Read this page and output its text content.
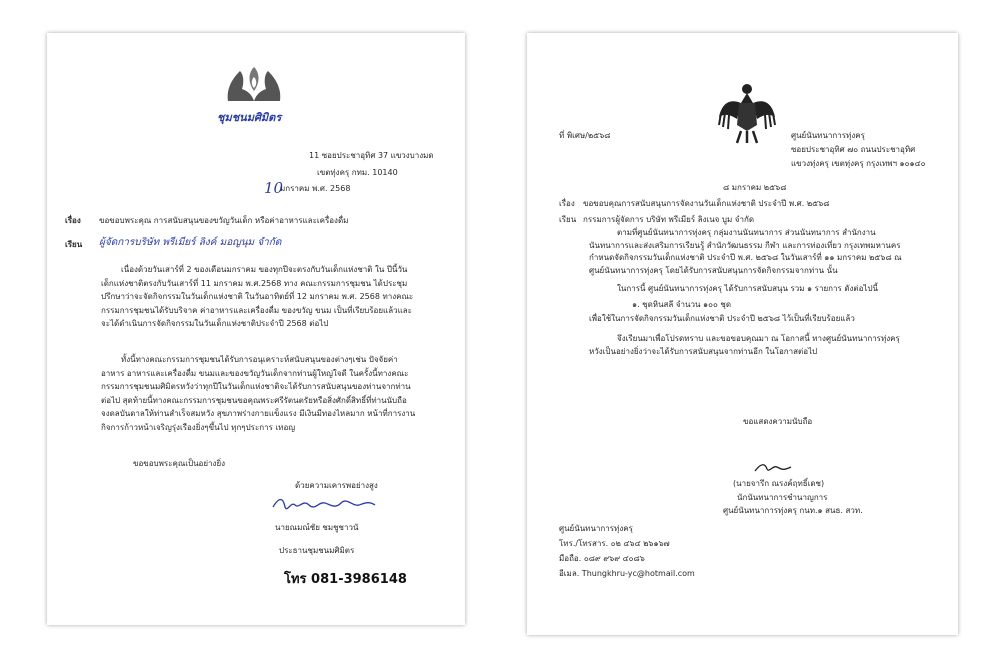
ชุมชนมศิมิตร
11 ซอยประชาอุทิศ 37 แขวงบางมด
เขตทุ่งครุ กทม. 10140
10
มกราคม พ.ศ. 2568
เรื่อง ขอขอบพระคุณ การสนับสนุนของขวัญวันเด็ก หรือค่าอาหารและเครื่องดื่ม
เรียน ผู้จัดการบริษัท พรีเมียร์ ลิงค์ มอญนุม จำกัด
เนื่องด้วยวันเสาร์ที่ 2 ของเดือนมกราคม ของทุกปีจะตรงกับวันเด็กแห่งชาติ ใน ปีนี้วันเด็กแห่งชาติตรงกับวันเสาร์ที่ 11 มกราคม พ.ศ.2568 ทาง คณะกรรมการชุมชน ได้ประชุมปรึกษาว่าจะจัดกิจกรรมในวันเด็กแห่งชาติ ในวันอาทิตย์ที่ 12 มกราคม พ.ศ. 2568 ทางคณะกรรมการชุมชนได้รับบริจาค ค่าอาหารและเครื่องดื่ม ของขวัญ ขนม เป็นที่เรียบร้อยแล้วและจะได้ดำเนินการจัดกิจกรรมในวันเด็กแห่งชาติประจำปี 2568 ต่อไป
ทั้งนี้ทางคณะกรรมการชุมชนได้รับการอนุเคราะห์สนับสนุนของต่างๆเช่น ปัจจัยค่าอาหาร อาหารและเครื่องดื่ม ขนมและของขวัญวันเด็กจากท่านผู้ใหญ่ใจดี ในครั้งนี้ทางคณะกรรมการชุมชนมศิมิตรหวังว่าทุกปีในวันเด็กแห่งชาติจะได้รับการสนับสนุนของท่านจากท่านต่อไป สุดท้ายนี้ทางคณะกรรมการชุมชนขอคุณพระศรีรัตนตรัยหรือสิ่งศักดิ์สิทธิ์ที่ท่านนับถือ จงดลบันดาลให้ท่านสำเร็จสมหวัง สุขภาพร่างกายแข็งแรง มีเงินมีทองไหลมาก หน้าที่การงานกิจการก้าวหน้าเจริญรุ่งเรืองยิ่งๆขึ้นไป ทุกๆประการ เทอญ
ขอขอบพระคุณเป็นอย่างยิ่ง
ด้วยความเคารพอย่างสูง
นายณมณ์ชัย ชมชูชาวนั
ประธานชุมชนมศิมิตร
โทร 081-3986148
ที่ พิเศษ/๒๕๖๘	ศูนย์นันทนาการทุ่งครุ
ซอยประชาอุทิศ ๗๐ ถนนประชาอุทิศ
แขวงทุ่งครุ เขตทุ่งครุ กรุงเทพฯ ๑๐๑๔๐
๘ มกราคม ๒๕๖๘
เรื่อง ขอขอบคุณการสนับสนุนการจัดงานวันเด็กแห่งชาติ ประจำปี พ.ศ. ๒๕๖๘
เรียน กรรมการผู้จัดการ บริษัท พรีเมียร์ ลิงเนจ บูม จำกัด
ตามที่ศูนย์นันทนาการทุ่งครุ กลุ่มงานนันทนาการ ส่วนนันทนาการ สำนักงานนันทนาการและส่งเสริมการเรียนรู้ สำนักวัฒนธรรม กีฬา และการท่องเที่ยว กรุงเทพมหานคร กำหนดจัดกิจกรรมวันเด็กแห่งชาติ ประจำปี พ.ศ. ๒๕๖๘ ในวันเสาร์ที่ ๑๑ มกราคม ๒๕๖๘ ณ ศูนย์นันทนาการทุ่งครุ โดยได้รับการสนับสนุนการจัดกิจกรรมจากท่าน นั้น
ในการนี้ ศูนย์นันทนาการทุ่งครุ ได้รับการสนับสนุน รวม ๑ รายการ ดังต่อไปนี้
๑. ชุดหินสลี จำนวน ๑๐๐ ชุด
เพื่อใช้ในการจัดกิจกรรมวันเด็กแห่งชาติ ประจำปี ๒๕๖๘ ไว้เป็นที่เรียบร้อยแล้ว
จึงเรียนมาเพื่อโปรดทราบ และขอขอบคุณมา ณ โอกาสนี้ ทางศูนย์นันทนาการทุ่งครุ หวังเป็นอย่างยิ่งว่าจะได้รับการสนับสนุนจากท่านอีก ในโอกาสต่อไป
ขอแสดงความนับถือ
(นายจารึก ณรงค์ฤทธิ์เดช)
นักนันทนาการชำนาญการ
ศูนย์นันทนาการทุ่งครุ กนท.๑ สนธ. สวท.
ศูนย์นันทนาการทุ่งครุ
โทร./โทรสาร. ๐๒ ๔๖๔ ๒๖๑๖๗
มือถือ. ๐๘๙ ๙๖๙ ๔๐๘๖
อีเมล. Thungkhru-yc@hotmail.com
